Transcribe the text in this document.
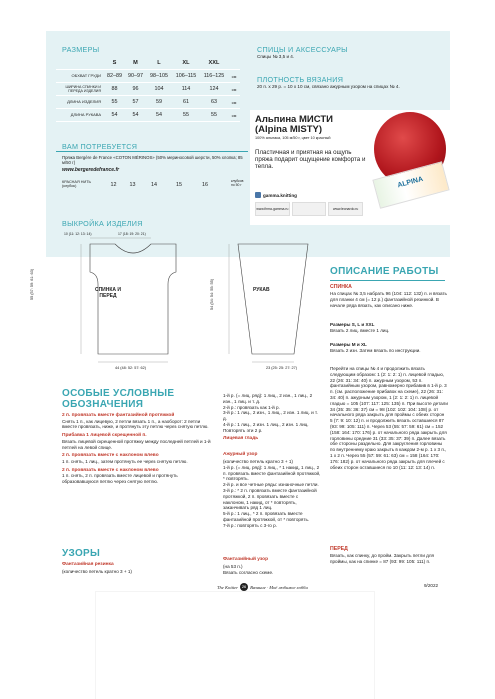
РАЗМЕРЫ
	S	M	L	XL	XXL	
ОБХВАТ ГРУДИ	82–89	90–97	98–105	106–115	116–125	см
ШИРИНА СПИНКИ И ПЕРЕДА ИЗДЕЛИЯ	88	96	104	114	124	см
ДЛИНА ИЗДЕЛИЯ	55	57	59	61	63	см
ДЛИНА РУКАВА	54	54	54	55	55	см
ВАМ ПОТРЕБУЕТСЯ
Пряжа Bergère de France «COTON MÉRINOS» (50% мериносовой шерсти, 50% хлопка; 85 м/50 г)
www.bergeredefrance.fr
КРАСНАЯ НИТЬ (клубок)	12	13	14	15	16
клубков по 50 г
СПИЦЫ И АКСЕССУАРЫ
Спицы № 3,5 и 4.
ПЛОТНОСТЬ ВЯЗАНИЯ
20 п. х 29 р. = 10 х 10 см, связано ажурным узором на спицах № 4.
Альпина МИСТИ
(Alpina MISTY)
100% альпака, 105 м/50 г, цвет 10 красный
Пластичная и приятная на ощупь пряжа подарит ощущение комфорта и тепла.
gamma.knitting
www.firma-gamma.ru	www.leonardo.ru
ALPINA
ВЫКРОЙКА ИЗДЕЛИЯ
СПИНКА И ПЕРЕД
РУКАВ
10 (11: 12: 13: 14)	17 (18: 19: 20: 21)
44 (48: 52: 57: 62)	23 (25: 25: 27: 27)
55 (57: 59: 61: 63)	54 (54: 54: 55: 55)
ОПИСАНИЕ РАБОТЫ
СПИНКА
На спицах № 3,5 набрать 96 (104: 112: 132) п. и вязать для планки 4 см (= 12 р.) фантазийной резинкой. В начале ряда вязать, как описано ниже.
Размеры S, L и XXL
Вязать 2 лиц. вместе 1 лиц.
Размеры M и XL
Вязать 2 изн. Затем вязать по инструкции.
Перейти на спицы № 4 и продолжить вязать следующим образом: 1 (2: 1: 2: 1) п. лицевой гладью, 22 (26: 31: 34: 40) п. ажурным узором, 53 п. фантазийным узором, равномерно прибавив в 1-й р. 3 п. (см. расположение прибавок на схеме), 22 (26: 31: 34: 40) п. ажурным узором, 1 (2: 1: 2: 1) п. лицевой гладью = 105 (107: 117: 125: 135) п. При высоте детали 34 (35: 35: 36: 37) см = 98 (102: 102: 104: 108) р. от начального ряда закрыть для проймы с обеих сторон 5 (7: 9: 10: 12) п. и продолжить вязать оставшиеся 87 (93: 99: 105: 111) п. Через 53 (55: 57: 59: 61) см = 152 (158: 164: 170: 176) р. от начального ряда закрыть для горловины средние 31 (33: 35: 37: 39) п. Далее вязать обе стороны раздельно. Для закругления горловины по внутреннему краю закрыть в каждом 2-м р. 1 х 3 п., 1 х 2 п. Через 55 (57: 59: 61: 63) см = 158 (164: 170: 176: 182) р. от начального ряда закрыть для плечей с обеих сторон оставшиеся по 10 (11: 12: 13: 14) п.
ПЕРЕД
Вязать, как спинку, до пройм. Закрыть петли для проймы, как на спинке = 87 (93: 99: 105: 111) п.
ОСОБЫЕ УСЛОВНЫЕ ОБОЗНАЧЕНИЯ
2 п. провязать вместе фантазийной протяжкой
Снять 1 п., как лицевую, 2 петли вязать 1 п., а наоборот: 2 петли вместе провязать, ниже, и протянуть эту петлю через снятую петлю.
Прибавка 1 лицевой скрещенной п.
Вязать лицевой скрещенной протяжку между последней петлей и 1-й петлей на левой спице.
2 п. провязать вместе с наклоном влево
1 п. снять, 1 лиц., затем протянуть ее через снятую петлю.
2 п. провязать вместе с наклоном влево
1 п. снять, 2 п. провязать вместе лицевой и протянуть образовавшуюся петлю через снятую петлю.
УЗОРЫ
Фантазийная резинка
(количество петель кратно 3 + 1)
1-й р. (= лиц. ряд): 1 лиц., 2 изн., 1 лиц., 2 изн., 1 лиц. и т. д.
2-й р.: провязать как 1-й р.
3-й р.: 1 лиц., 2 изн., 1 лиц., 2 изн. 1 лиц. и т. д.
4-й р.: 1 лиц., 2 изн. 1 лиц., 2 изн. 1 лиц.
Повторять эти 2 р.
Лицевая гладь
Ажурный узор
(количество петель кратно 3 + 1)
1-й р. (= лиц. ряд): 1 лиц., * 1 накид, 1 лиц., 2 п. провязать вместе фантазийной протяжкой, * повторять.
2-й р. и все четные ряды: изнаночные петли.
3-й р.: * 2 п. провязать вместе фантазийной протяжкой, 2 п. провязать вместе с наклоном, 1 накид, от * повторять, заканчивать ряд 1 лиц.
5-й р.: 1 лиц., * 2 п. провязать вместе фантазийной протяжкой, от * повторять.
7-й р.: повторять с 3-го р.
Фантазийный узор
(на 53 п.)
Вязать согласно схеме.
The Knitter 26 Вязание · Моё любимое хобби	9/2022
